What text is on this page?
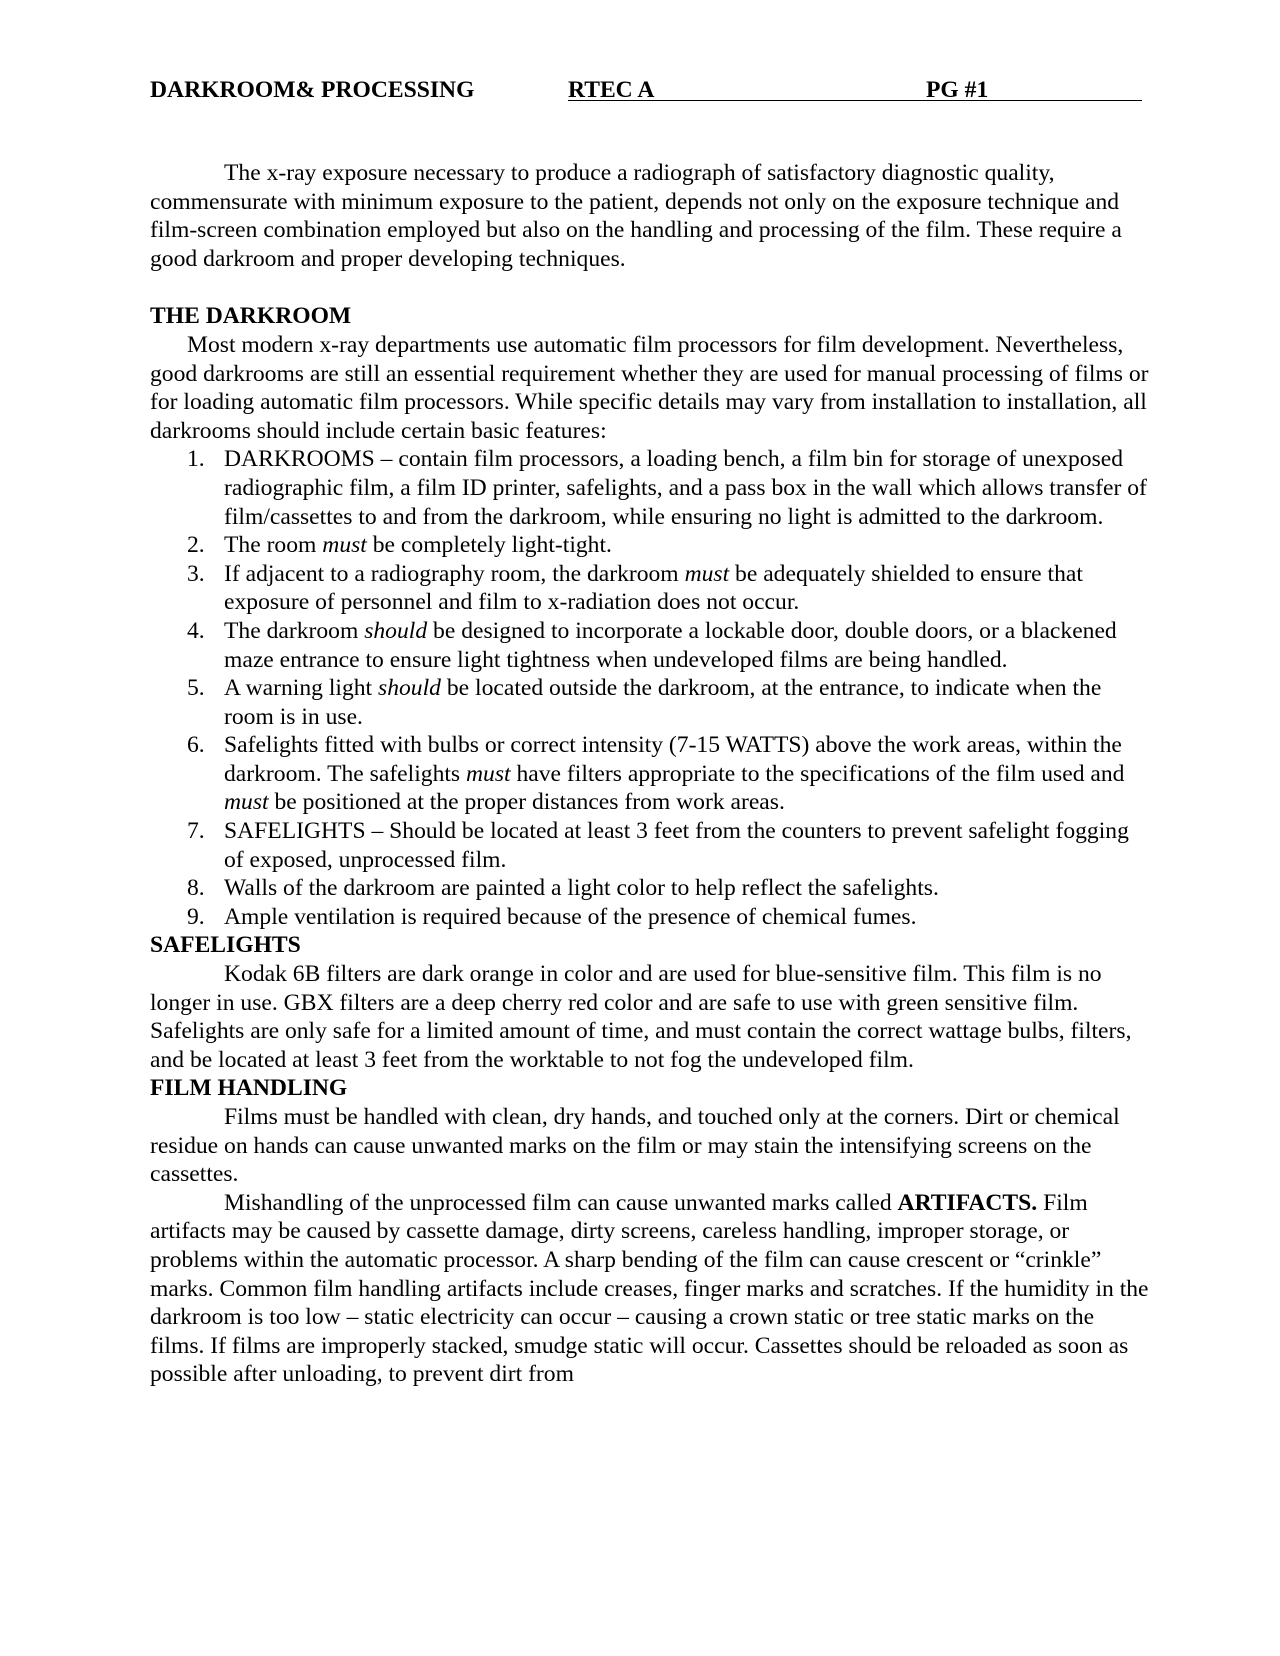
DARKROOM& PROCESSING	RTEC A	PG #1

The x-ray exposure necessary to produce a radiograph of satisfactory diagnostic quality, commensurate with minimum exposure to the patient, depends not only on the exposure technique and film-screen combination employed but also on the handling and processing of the film. These require a good darkroom and proper developing techniques.

THE DARKROOM

Most modern x-ray departments use automatic film processors for film development. Nevertheless, good darkrooms are still an essential requirement whether they are used for manual processing of films or for loading automatic film processors. While specific details may vary from installation to installation, all darkrooms should include certain basic features:

1. DARKROOMS – contain film processors, a loading bench, a film bin for storage of unexposed radiographic film, a film ID printer, safelights, and a pass box in the wall which allows transfer of film/cassettes to and from the darkroom, while ensuring no light is admitted to the darkroom.
2. The room must be completely light-tight.
3. If adjacent to a radiography room, the darkroom must be adequately shielded to ensure that exposure of personnel and film to x-radiation does not occur.
4. The darkroom should be designed to incorporate a lockable door, double doors, or a blackened maze entrance to ensure light tightness when undeveloped films are being handled.
5. A warning light should be located outside the darkroom, at the entrance, to indicate when the room is in use.
6. Safelights fitted with bulbs or correct intensity (7-15 WATTS) above the work areas, within the darkroom. The safelights must have filters appropriate to the specifications of the film used and must be positioned at the proper distances from work areas.
7. SAFELIGHTS – Should be located at least 3 feet from the counters to prevent safelight fogging of exposed, unprocessed film.
8. Walls of the darkroom are painted a light color to help reflect the safelights.
9. Ample ventilation is required because of the presence of chemical fumes.
SAFELIGHTS

Kodak 6B filters are dark orange in color and are used for blue-sensitive film. This film is no longer in use. GBX filters are a deep cherry red color and are safe to use with green sensitive film. Safelights are only safe for a limited amount of time, and must contain the correct wattage bulbs, filters, and be located at least 3 feet from the worktable to not fog the undeveloped film.

FILM HANDLING

Films must be handled with clean, dry hands, and touched only at the corners. Dirt or chemical residue on hands can cause unwanted marks on the film or may stain the intensifying screens on the cassettes.

Mishandling of the unprocessed film can cause unwanted marks called ARTIFACTS. Film artifacts may be caused by cassette damage, dirty screens, careless handling, improper storage, or problems within the automatic processor. A sharp bending of the film can cause crescent or “crinkle” marks. Common film handling artifacts include creases, finger marks and scratches. If the humidity in the darkroom is too low – static electricity can occur – causing a crown static or tree static marks on the films. If films are improperly stacked, smudge static will occur. Cassettes should be reloaded as soon as possible after unloading, to prevent dirt from
